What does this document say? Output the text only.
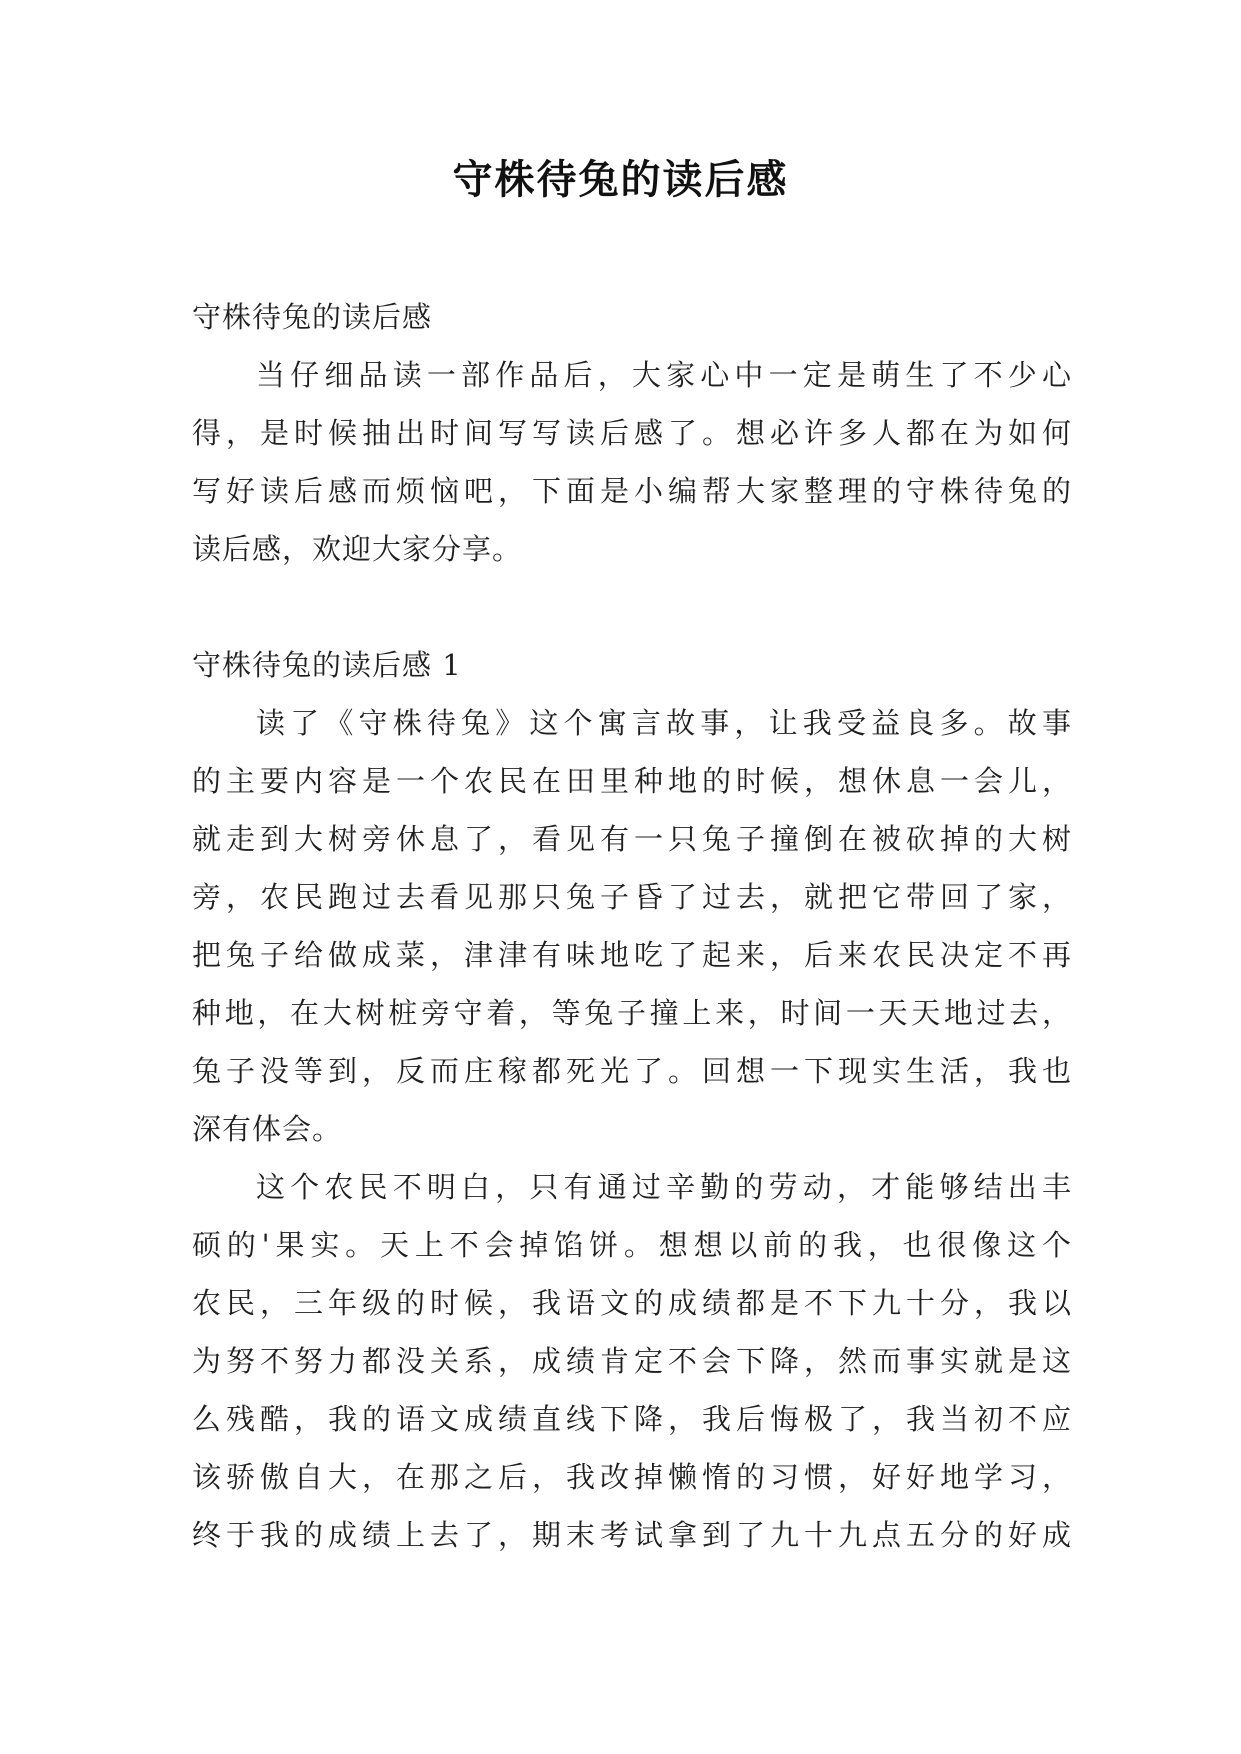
守株待兔的读后感

守株待兔的读后感

当仔细品读一部作品后，大家心中一定是萌生了不少心
得，是时候抽出时间写写读后感了。想必许多人都在为如何
写好读后感而烦恼吧，下面是小编帮大家整理的守株待兔的
读后感，欢迎大家分享。

守株待兔的读后感 1

读了《守株待兔》这个寓言故事，让我受益良多。故事
的主要内容是一个农民在田里种地的时候，想休息一会儿，
就走到大树旁休息了，看见有一只兔子撞倒在被砍掉的大树
旁，农民跑过去看见那只兔子昏了过去，就把它带回了家，
把兔子给做成菜，津津有味地吃了起来，后来农民决定不再
种地，在大树桩旁守着，等兔子撞上来，时间一天天地过去，
兔子没等到，反而庄稼都死光了。回想一下现实生活，我也
深有体会。

这个农民不明白，只有通过辛勤的劳动，才能够结出丰
硕的'果实。天上不会掉馅饼。想想以前的我，也很像这个
农民，三年级的时候，我语文的成绩都是不下九十分，我以
为努不努力都没关系，成绩肯定不会下降，然而事实就是这
么残酷，我的语文成绩直线下降，我后悔极了，我当初不应
该骄傲自大，在那之后，我改掉懒惰的习惯，好好地学习，
终于我的成绩上去了，期末考试拿到了九十九点五分的好成
